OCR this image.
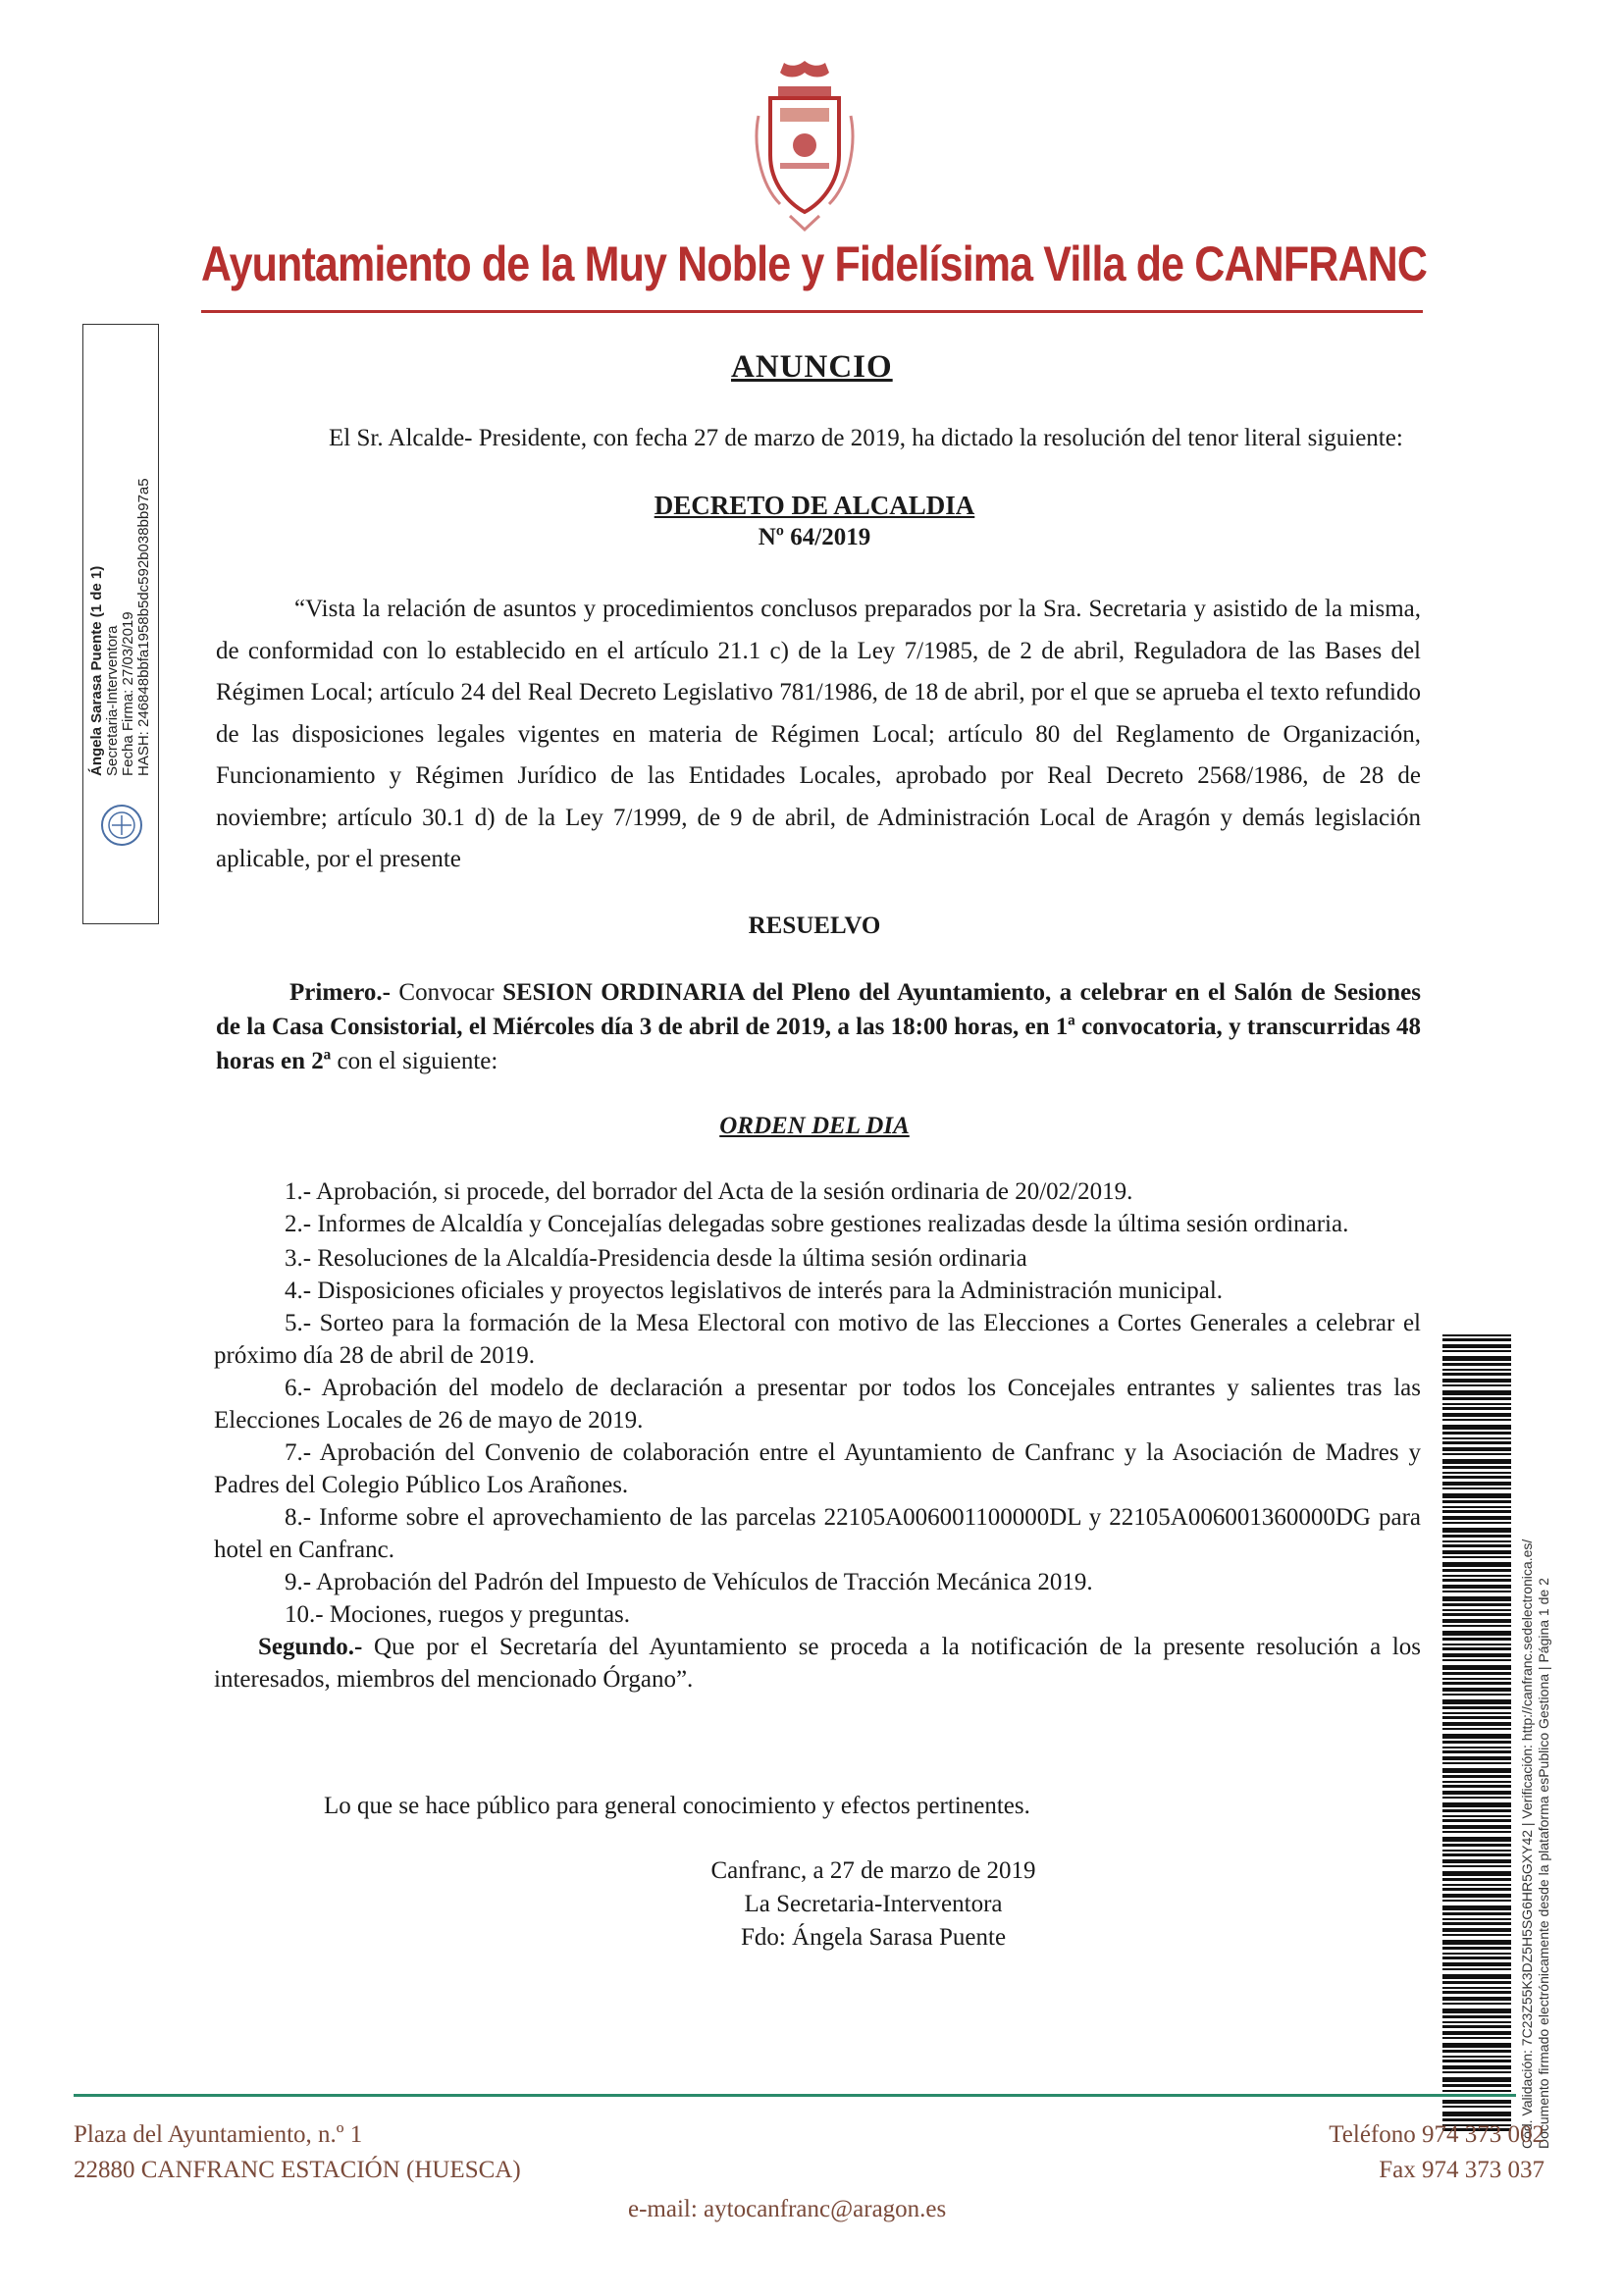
Ayuntamiento de la Muy Noble y Fidelísima Villa de CANFRANC
Ángela Sarasa Puente (1 de 1) Secretaria-Interventora Fecha Firma: 27/03/2019 HASH: 246848bbfa1958b5dc592b038bb97a5
ANUNCIO
El Sr. Alcalde- Presidente, con fecha 27 de marzo de 2019, ha dictado la resolución del tenor literal siguiente:
DECRETO DE ALCALDIA
Nº 64/2019
“Vista la relación de asuntos y procedimientos conclusos preparados por la Sra. Secretaria y asistido de la misma, de conformidad con lo establecido en el artículo 21.1 c) de la Ley 7/1985, de 2 de abril, Reguladora de las Bases del Régimen Local; artículo 24 del Real Decreto Legislativo 781/1986, de 18 de abril, por el que se aprueba el texto refundido de las disposiciones legales vigentes en materia de Régimen Local; artículo 80 del Reglamento de Organización, Funcionamiento y Régimen Jurídico de las Entidades Locales, aprobado por Real Decreto 2568/1986, de 28 de noviembre; artículo 30.1 d) de la Ley 7/1999, de 9 de abril, de Administración Local de Aragón y demás legislación aplicable, por el presente
RESUELVO
Primero.- Convocar SESION ORDINARIA del Pleno del Ayuntamiento, a celebrar en el Salón de Sesiones de la Casa Consistorial, el Miércoles día 3 de abril de 2019, a las 18:00 horas, en 1ª convocatoria, y transcurridas 48 horas en 2ª con el siguiente:
ORDEN DEL DIA
1.- Aprobación, si procede, del borrador del Acta de la sesión ordinaria de 20/02/2019.
2.- Informes de Alcaldía y Concejalías delegadas sobre gestiones realizadas desde la última sesión ordinaria.
3.- Resoluciones de la Alcaldía-Presidencia desde la última sesión ordinaria
4.- Disposiciones oficiales y proyectos legislativos de interés para la Administración municipal.
5.- Sorteo para la formación de la Mesa Electoral con motivo de las Elecciones a Cortes Generales a celebrar el próximo día 28 de abril de 2019.
6.- Aprobación del modelo de declaración a presentar por todos los Concejales entrantes y salientes tras las Elecciones Locales de 26 de mayo de 2019.
7.- Aprobación del Convenio de colaboración entre el Ayuntamiento de Canfranc y la Asociación de Madres y Padres del Colegio Público Los Arañones.
8.- Informe sobre el aprovechamiento de las parcelas 22105A006001100000DL y 22105A006001360000DG para hotel en Canfranc.
9.- Aprobación del Padrón del Impuesto de Vehículos de Tracción Mecánica 2019.
10.- Mociones, ruegos y preguntas.
Segundo.- Que por el Secretaría del Ayuntamiento se proceda a la notificación de la presente resolución a los interesados, miembros del mencionado Órgano”.
Lo que se hace público para general conocimiento y efectos pertinentes.
Canfranc, a 27 de marzo de 2019
La Secretaria-Interventora
Fdo: Ángela Sarasa Puente	Cód. Validación: 7C23Z55K3DZ5H5SG6HR5GXY42 | Verificación: http://canfranc.sedelectronica.es/ Documento firmado electrónicamente desde la plataforma esPublico Gestiona | Página 1 de 2
Plaza del Ayuntamiento, n.º 1
22880 CANFRANC ESTACIÓN (HUESCA)
Teléfono 974 373 002
Fax 974 373 037
e-mail: aytocanfranc@aragon.es
